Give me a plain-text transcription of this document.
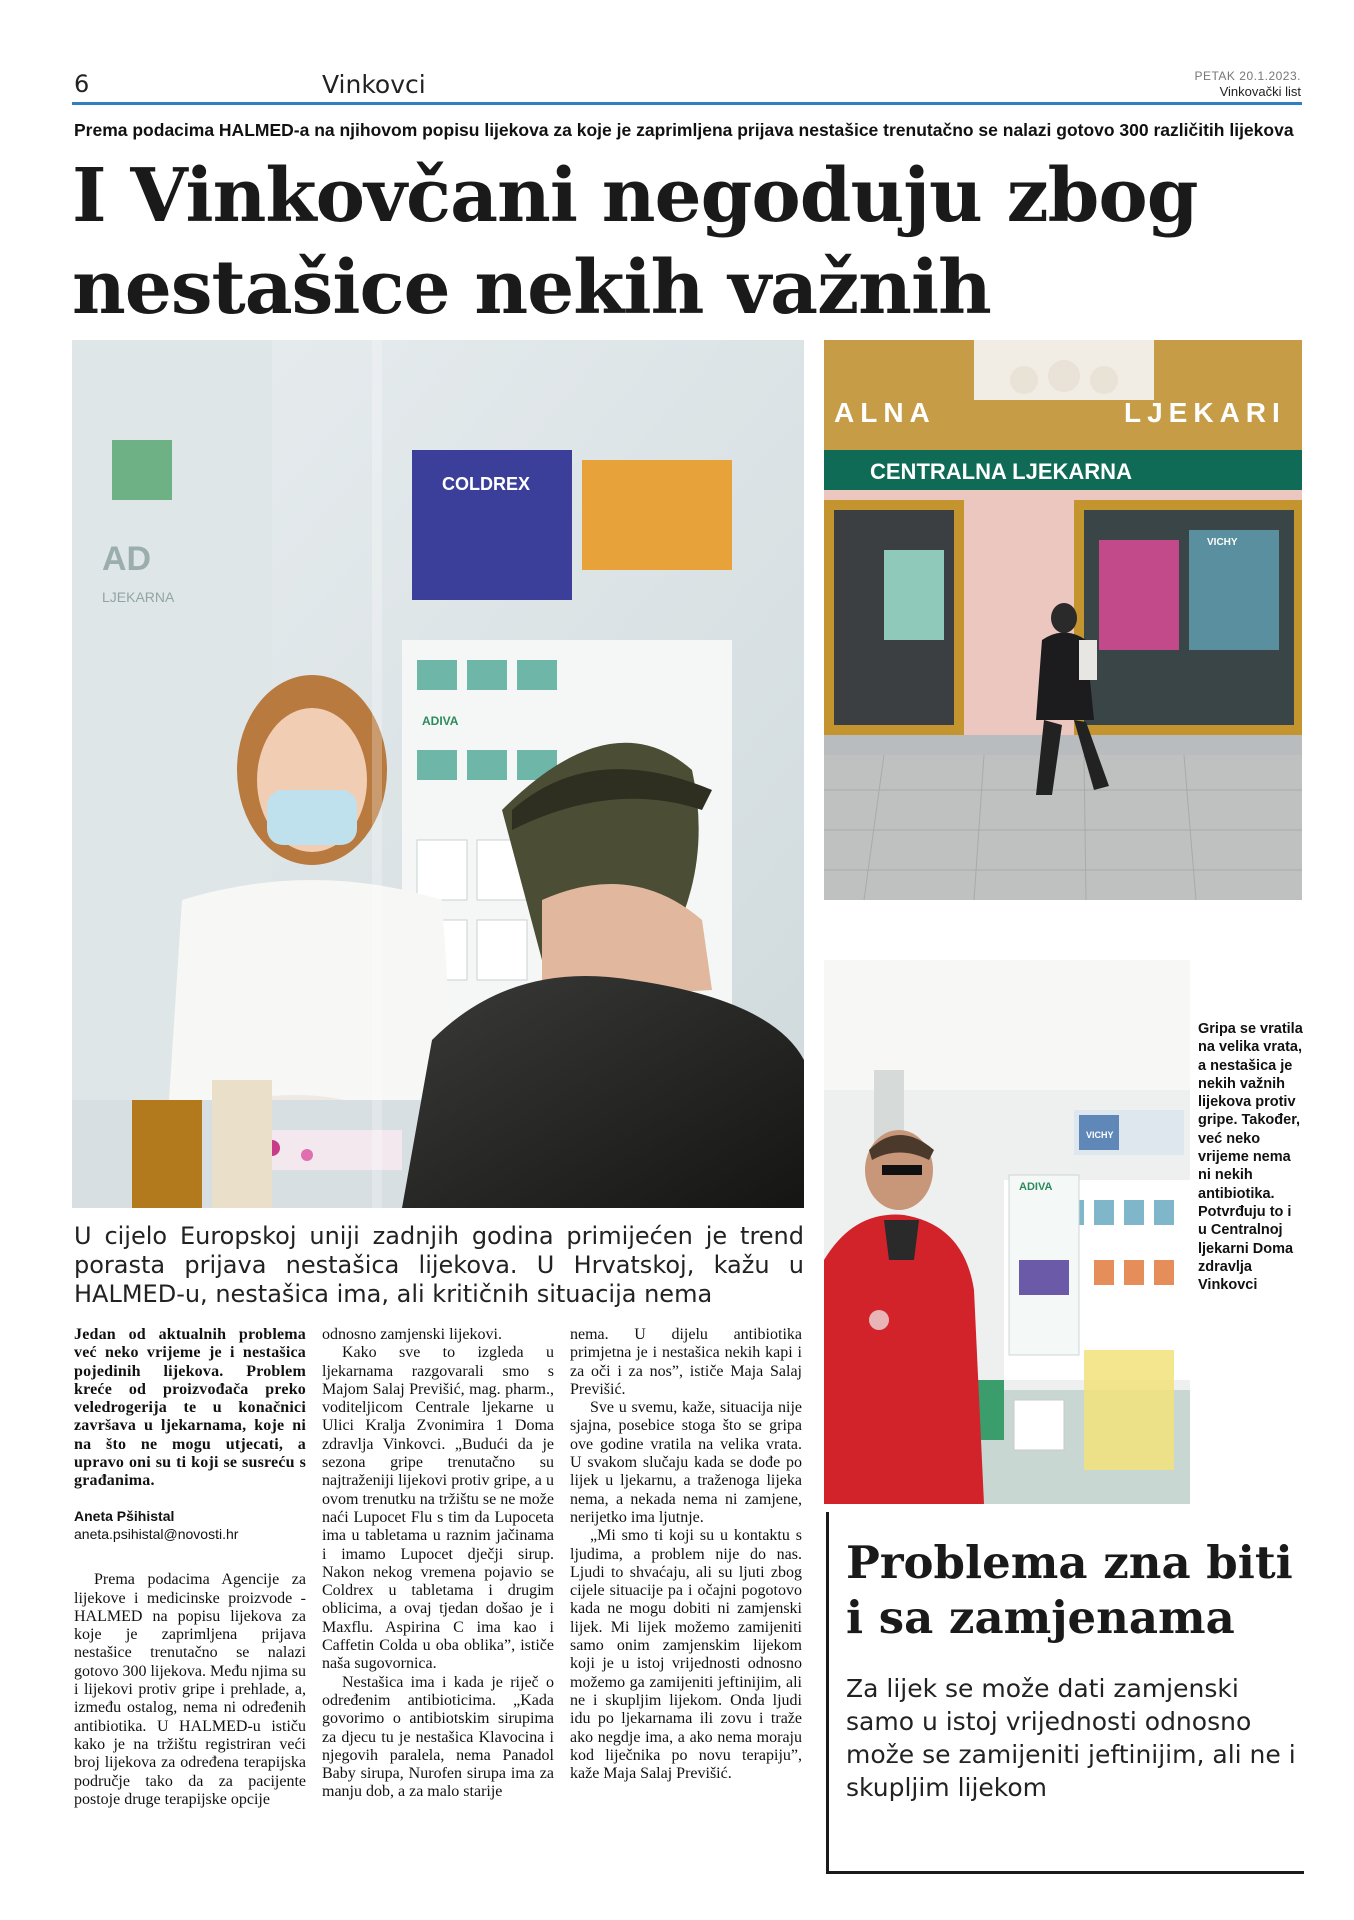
6	Vinkovci	PETAK 20.1.2023.
Vinkovački list
Prema podacima HALMED-a na njihovom popisu lijekova za koje je zaprimljena prijava nestašice trenutačno se nalazi gotovo 300 različitih lijekova
I Vinkovčani negoduju zbog nestašice nekih važnih
AD
LJEKARNA
COLDREX
ADIVA
ALNA	LJEKARI
CENTRALNA LJEKARNA
VICHY
VICHY
ADIVA
Gripa se vratila na velika vrata, a nestašica je nekih važnih lijekova protiv gripe. Također, već neko vrijeme nema ni nekih antibiotika. Potvrđuju to i u Centralnoj ljekarni Doma zdravlja Vinkovci
U cijelo Europskoj uniji zadnjih godina primijećen je trend porasta prijava nestašica lijekova. U Hrvatskoj, kažu u HALMED-u, nestašica ima, ali kritičnih situacija nema

Jedan od aktualnih problema već neko vrijeme je i nestašica pojedinih lijekova. Problem kreće od proizvođača preko veledrogerija te u konačnici završava u ljekarnama, koje ni na što ne mogu utjecati, a upravo oni su ti koji se susreću s građanima.

Aneta Pšihistal
aneta.psihistal@novosti.hr

Prema podacima Agencije za lijekove i medicinske proizvode - HALMED na popisu lijekova za koje je zaprimljena prijava nestašice trenutačno se nalazi gotovo 300 lijekova. Među njima su i lijekovi protiv gripe i prehlade, a, između ostalog, nema ni određenih antibiotika. U HALMED-u ističu kako je na tržištu registriran veći broj lijekova za određena terapijska područje tako da za pacijente postoje druge terapijske opcije

odnosno zamjenski lijekovi.

Kako sve to izgleda u ljekarnama razgovarali smo s Majom Salaj Previšić, mag. pharm., voditeljicom Centrale ljekarne u Ulici Kralja Zvonimira 1 Doma zdravlja Vinkovci. „Budući da je sezona gripe trenutačno su najtraženiji lijekovi protiv gripe, a u ovom trenutku na tržištu se ne može naći Lupocet Flu s tim da Lupoceta ima u tabletama u raznim jačinama i imamo Lupocet dječji sirup. Nakon nekog vremena pojavio se Coldrex u tabletama i drugim oblicima, a ovaj tjedan došao je i Maxflu. Aspirina C ima kao i Caffetin Colda u oba oblika”, ističe naša sugovornica.

Nestašica ima i kada je riječ o određenim antibioticima. „Kada govorimo o antibiotskim sirupima za djecu tu je nestašica Klavocina i njegovih paralela, nema Panadol Baby sirupa, Nurofen sirupa ima za manju dob, a za malo starije

nema. U dijelu antibiotika primjetna je i nestašica nekih kapi i za oči i za nos”, ističe Maja Salaj Previšić.

Sve u svemu, kaže, situacija nije sjajna, posebice stoga što se gripa ove godine vratila na velika vrata. U svakom slučaju kada se dođe po lijek u ljekarnu, a traženoga lijeka nema, a nekada nema ni zamjene, nerijetko ima ljutnje.

„Mi smo ti koji su u kontaktu s ljudima, a problem nije do nas. Ljudi to shvaćaju, ali su ljuti zbog cijele situacije pa i očajni pogotovo kada ne mogu dobiti ni zamjenski lijek. Mi lijek možemo zamijeniti samo onim zamjenskim lijekom koji je u istoj vrijednosti odnosno možemo ga zamijeniti jeftinijim, ali ne i skupljim lijekom. Onda ljudi idu po ljekarnama ili zovu i traže ako negdje ima, a ako nema moraju kod liječnika po novu terapiju”, kaže Maja Salaj Previšić.

Problema zna biti i sa zamjenama
Za lijek se može dati zamjenski samo u istoj vrijednosti odnosno može se zamijeniti jeftinijim, ali ne i skupljim lijekom
